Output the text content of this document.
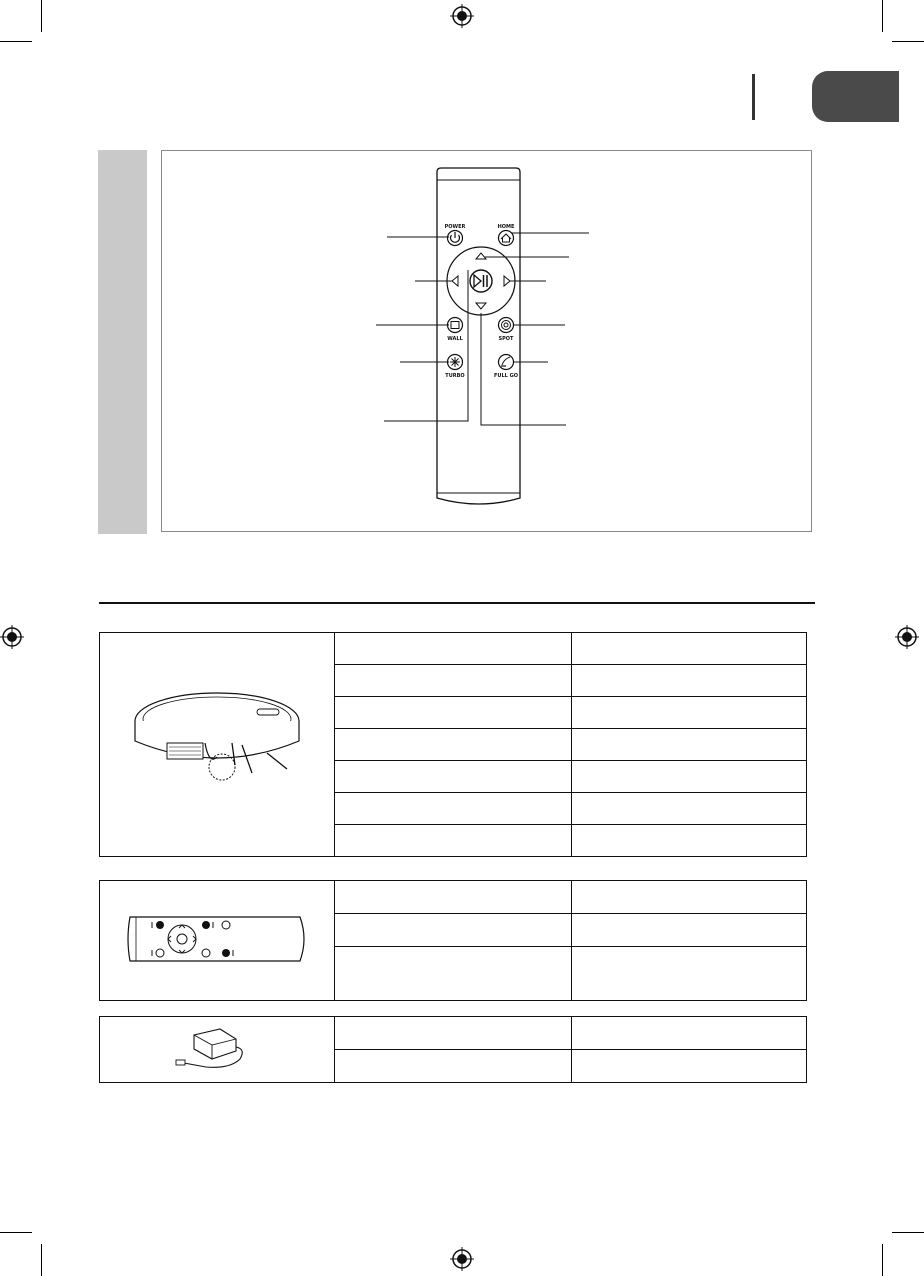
POWER	HOME
WALL	SPOT
TURBO	FULL GO
